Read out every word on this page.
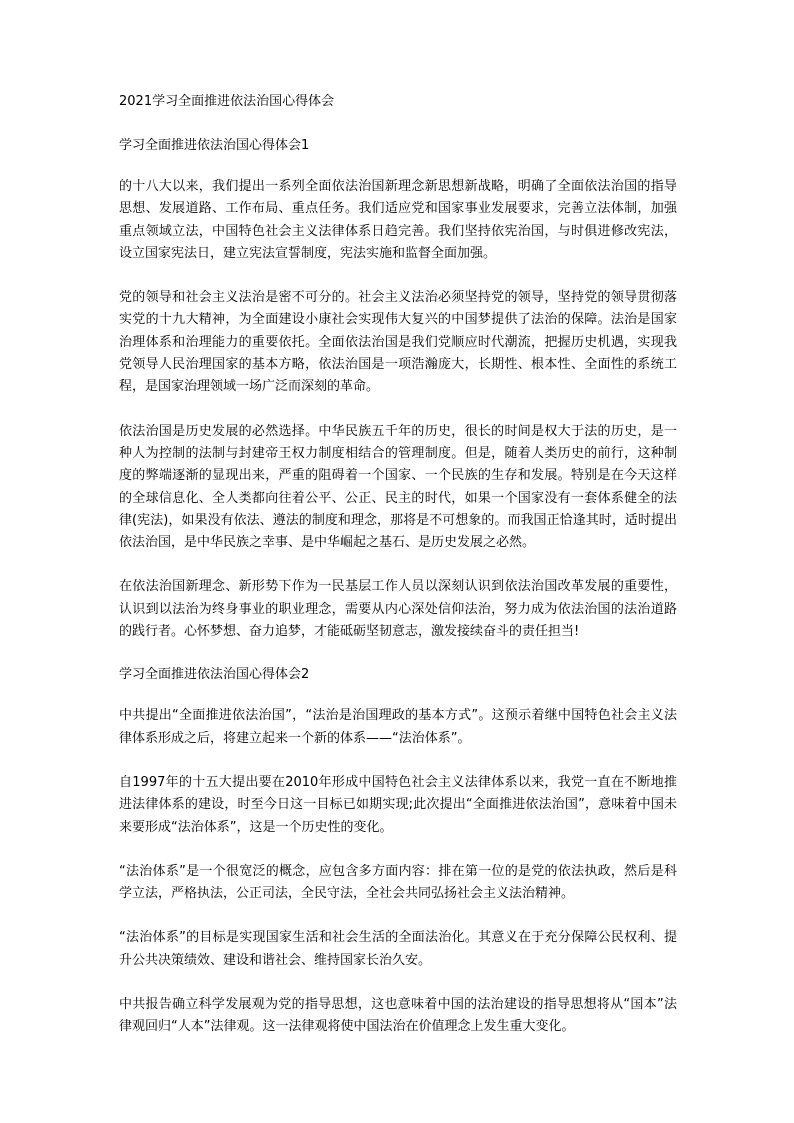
2021学习全面推进依法治国心得体会

学习全面推进依法治国心得体会1

的十八大以来，我们提出一系列全面依法治国新理念新思想新战略，明确了全面依法治国的指导思想、发展道路、工作布局、重点任务。我们适应党和国家事业发展要求，完善立法体制，加强重点领域立法，中国特色社会主义法律体系日趋完善。我们坚持依宪治国，与时俱进修改宪法，设立国家宪法日，建立宪法宣誓制度，宪法实施和监督全面加强。

党的领导和社会主义法治是密不可分的。社会主义法治必须坚持党的领导，坚持党的领导贯彻落实党的十九大精神，为全面建设小康社会实现伟大复兴的中国梦提供了法治的保障。法治是国家治理体系和治理能力的重要依托。全面依法治国是我们党顺应时代潮流，把握历史机遇，实现我党领导人民治理国家的基本方略，依法治国是一项浩瀚庞大，长期性、根本性、全面性的系统工程，是国家治理领域一场广泛而深刻的革命。

依法治国是历史发展的必然选择。中华民族五千年的历史，很长的时间是权大于法的历史，是一种人为控制的法制与封建帝王权力制度相结合的管理制度。但是，随着人类历史的前行，这种制度的弊端逐渐的显现出来，严重的阻碍着一个国家、一个民族的生存和发展。特别是在今天这样的全球信息化、全人类都向往着公平、公正、民主的时代，如果一个国家没有一套体系健全的法律(宪法)，如果没有依法、遵法的制度和理念，那将是不可想象的。而我国正恰逢其时，适时提出依法治国，是中华民族之幸事、是中华崛起之基石、是历史发展之必然。

在依法治国新理念、新形势下作为一民基层工作人员以深刻认识到依法治国改革发展的重要性，认识到以法治为终身事业的职业理念，需要从内心深处信仰法治，努力成为依法治国的法治道路的践行者。心怀梦想、奋力追梦，才能砥砺坚韧意志，激发接续奋斗的责任担当!

学习全面推进依法治国心得体会2

中共提出“全面推进依法治国”，“法治是治国理政的基本方式”。这预示着继中国特色社会主义法律体系形成之后，将建立起来一个新的体系——“法治体系”。

自1997年的十五大提出要在2010年形成中国特色社会主义法律体系以来，我党一直在不断地推进法律体系的建设，时至今日这一目标已如期实现;此次提出“全面推进依法治国”，意味着中国未来要形成“法治体系”，这是一个历史性的变化。

“法治体系”是一个很宽泛的概念，应包含多方面内容：排在第一位的是党的依法执政，然后是科学立法，严格执法，公正司法，全民守法，全社会共同弘扬社会主义法治精神。

“法治体系”的目标是实现国家生活和社会生活的全面法治化。其意义在于充分保障公民权利、提升公共决策绩效、建设和谐社会、维持国家长治久安。

中共报告确立科学发展观为党的指导思想，这也意味着中国的法治建设的指导思想将从“国本”法律观回归“人本”法律观。这一法律观将使中国法治在价值理念上发生重大变化。
